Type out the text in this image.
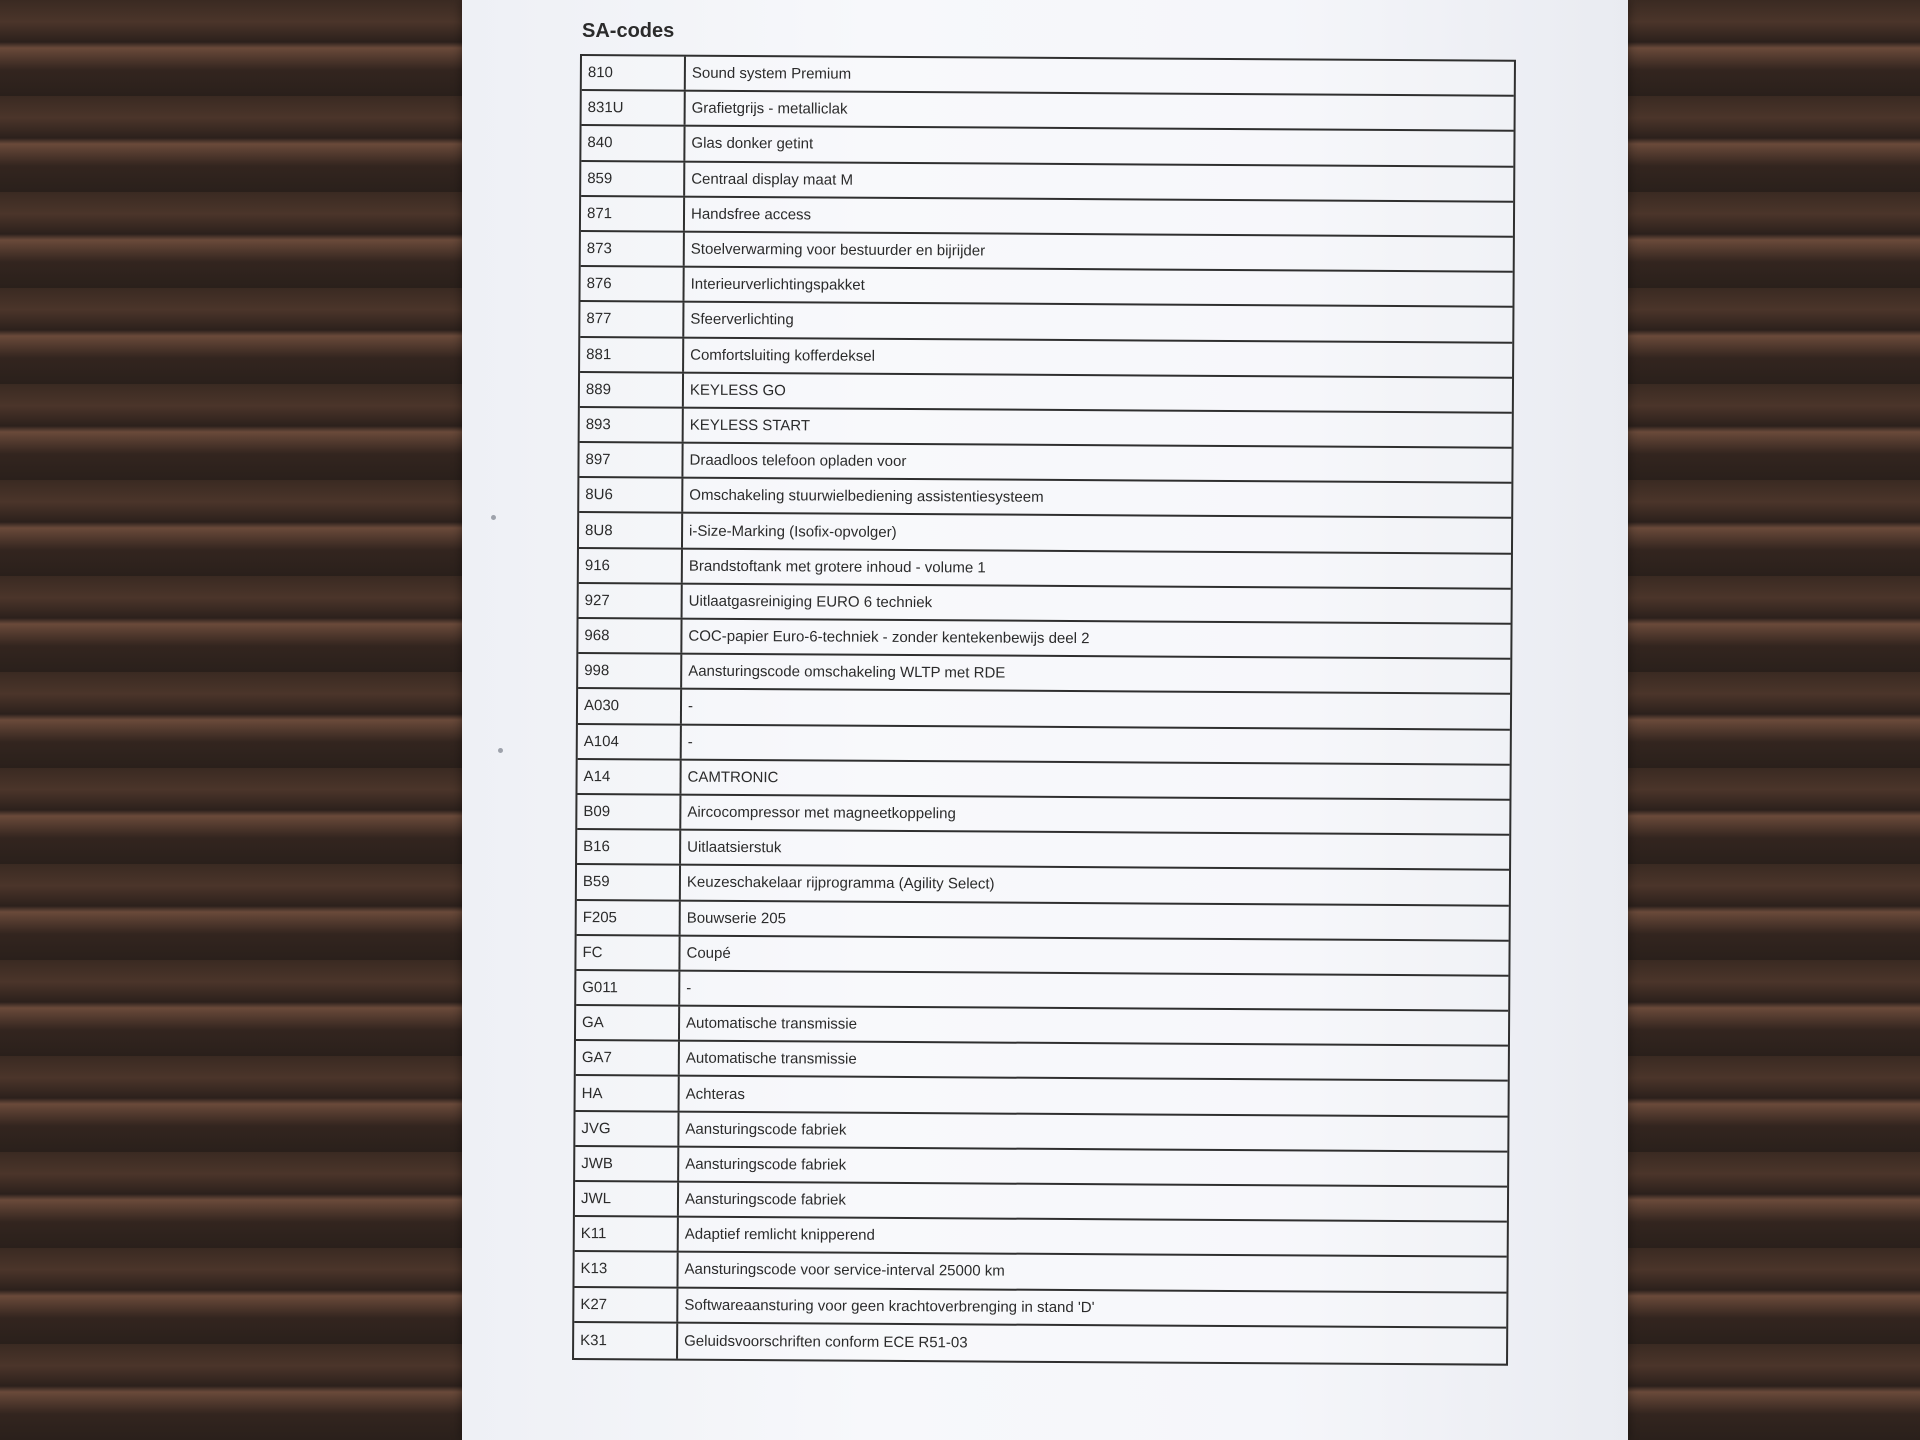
SA-codes
810	Sound system Premium
831U	Grafietgrijs - metalliclak
840	Glas donker getint
859	Centraal display maat M
871	Handsfree access
873	Stoelverwarming voor bestuurder en bijrijder
876	Interieurverlichtingspakket
877	Sfeerverlichting
881	Comfortsluiting kofferdeksel
889	KEYLESS GO
893	KEYLESS START
897	Draadloos telefoon opladen voor
8U6	Omschakeling stuurwielbediening assistentiesysteem
8U8	i-Size-Marking (Isofix-opvolger)
916	Brandstoftank met grotere inhoud - volume 1
927	Uitlaatgasreiniging EURO 6 techniek
968	COC-papier Euro-6-techniek - zonder kentekenbewijs deel 2
998	Aansturingscode omschakeling WLTP met RDE
A030	-
A104	-
A14	CAMTRONIC
B09	Aircocompressor met magneetkoppeling
B16	Uitlaatsierstuk
B59	Keuzeschakelaar rijprogramma (Agility Select)
F205	Bouwserie 205
FC	Coupé
G011	-
GA	Automatische transmissie
GA7	Automatische transmissie
HA	Achteras
JVG	Aansturingscode fabriek
JWB	Aansturingscode fabriek
JWL	Aansturingscode fabriek
K11	Adaptief remlicht knipperend
K13	Aansturingscode voor service-interval 25000 km
K27	Softwareaansturing voor geen krachtoverbrenging in stand 'D'
K31	Geluidsvoorschriften conform ECE R51-03
